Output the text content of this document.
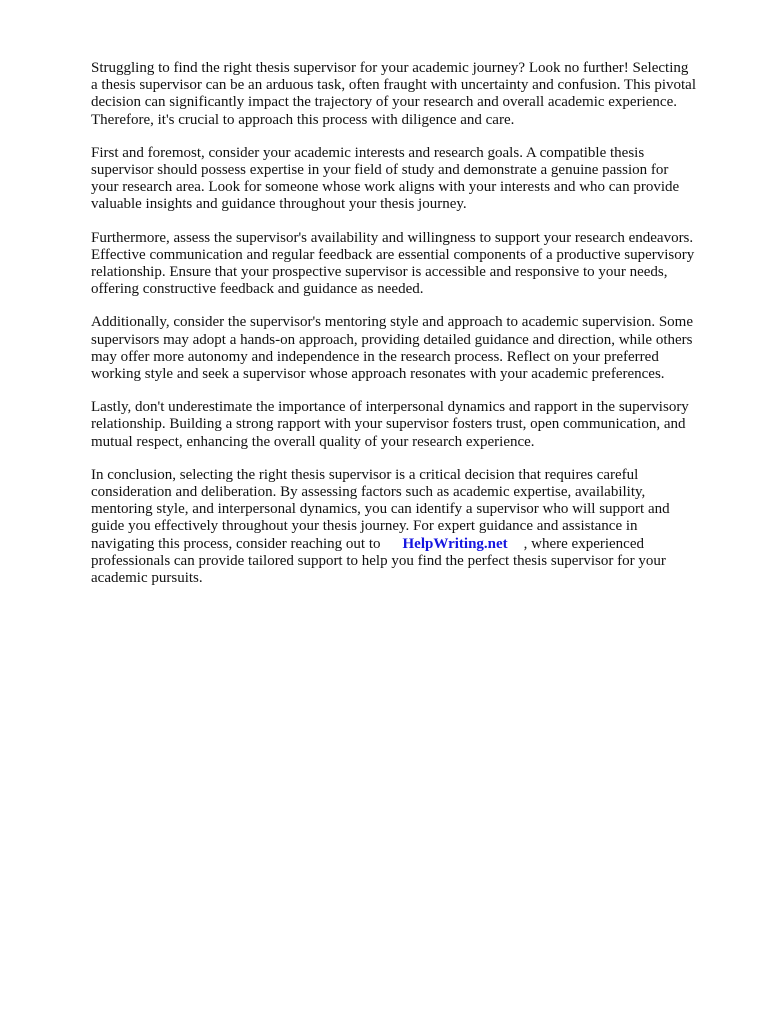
Struggling to find the right thesis supervisor for your academic journey? Look no further! Selecting
a thesis supervisor can be an arduous task, often fraught with uncertainty and confusion. This pivotal
decision can significantly impact the trajectory of your research and overall academic experience.
Therefore, it's crucial to approach this process with diligence and care.

First and foremost, consider your academic interests and research goals. A compatible thesis
supervisor should possess expertise in your field of study and demonstrate a genuine passion for
your research area. Look for someone whose work aligns with your interests and who can provide
valuable insights and guidance throughout your thesis journey.

Furthermore, assess the supervisor's availability and willingness to support your research endeavors.
Effective communication and regular feedback are essential components of a productive supervisory
relationship. Ensure that your prospective supervisor is accessible and responsive to your needs,
offering constructive feedback and guidance as needed.

Additionally, consider the supervisor's mentoring style and approach to academic supervision. Some
supervisors may adopt a hands-on approach, providing detailed guidance and direction, while others
may offer more autonomy and independence in the research process. Reflect on your preferred
working style and seek a supervisor whose approach resonates with your academic preferences.

Lastly, don't underestimate the importance of interpersonal dynamics and rapport in the supervisory
relationship. Building a strong rapport with your supervisor fosters trust, open communication, and
mutual respect, enhancing the overall quality of your research experience.

In conclusion, selecting the right thesis supervisor is a critical decision that requires careful
consideration and deliberation. By assessing factors such as academic expertise, availability,
mentoring style, and interpersonal dynamics, you can identify a supervisor who will support and
guide you effectively throughout your thesis journey. For expert guidance and assistance in
navigating this process, consider reaching out to HelpWriting.net , where experienced
professionals can provide tailored support to help you find the perfect thesis supervisor for your
academic pursuits.
